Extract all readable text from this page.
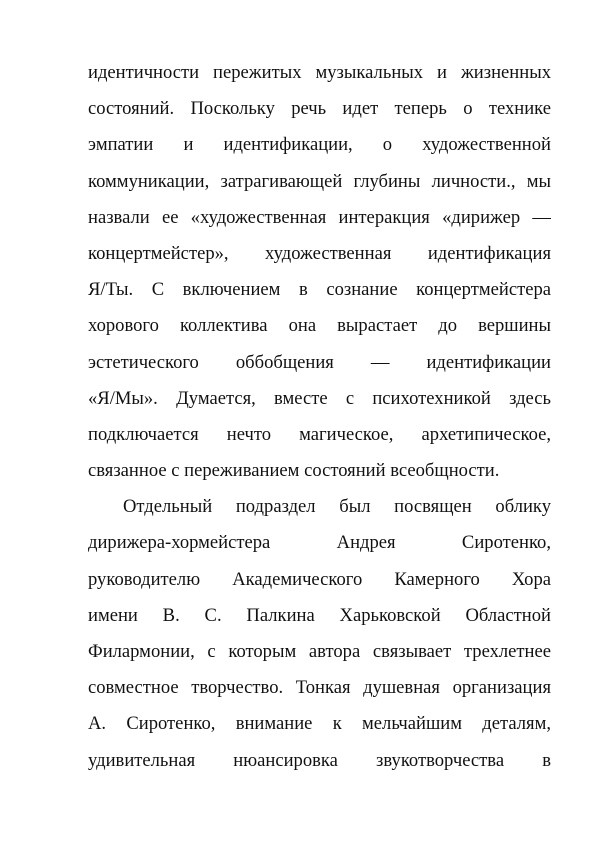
идентичности пережитых музыкальных и жизненных
состояний. Поскольку речь идет теперь о технике
эмпатии и идентификации, о художественной
коммуникации, затрагивающей глубины личности., мы
назвали ее «художественная интеракция «дирижер —
концертмейстер», художественная идентификация
Я/Ты. С включением в сознание концертмейстера
хорового коллектива она вырастает до вершины
эстетического оббобщения — идентификации
«Я/Мы». Думается, вместе с психотехникой здесь
подключается нечто магическое, архетипическое,
связанное с переживанием состояний всеобщности.
Отдельный подраздел был посвящен облику
дирижера-хормейстера Андрея Сиротенко,
руководителю Академического Камерного Хора
имени В. С. Палкина Харьковской Областной
Филармонии, с которым автора связывает трехлетнее
совместное творчество. Тонкая душевная организация
А. Сиротенко, внимание к мельчайшим деталям,
удивительная нюансировка звукотворчества в
